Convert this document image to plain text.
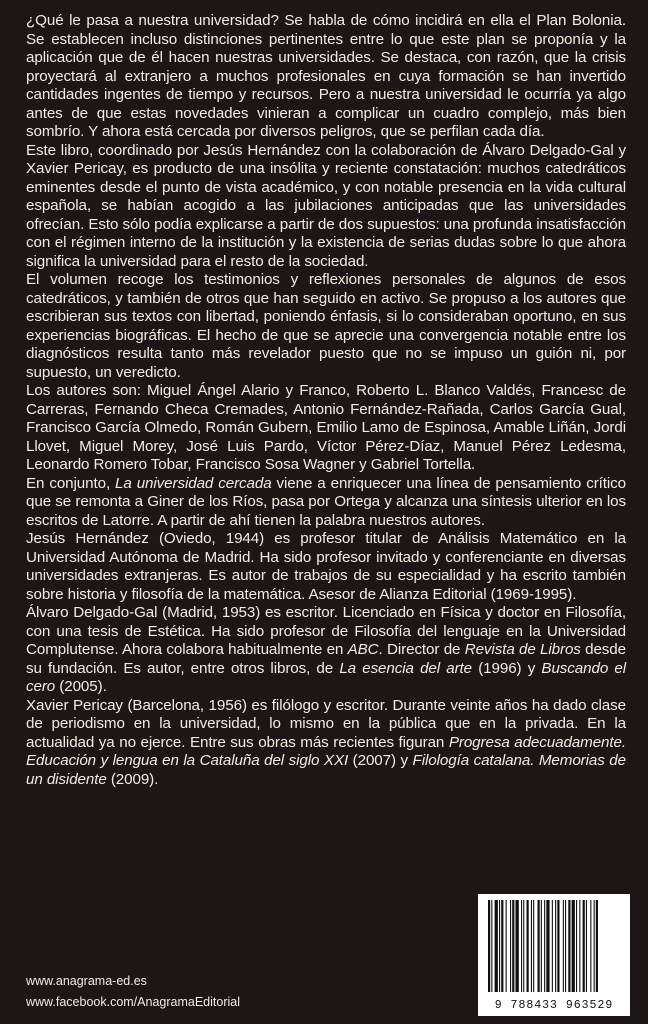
¿Qué le pasa a nuestra universidad? Se habla de cómo incidirá en ella el Plan Bolonia. Se establecen incluso distinciones pertinentes entre lo que este plan se proponía y la aplicación que de él hacen nuestras universidades. Se destaca, con razón, que la crisis proyectará al extranjero a muchos profesionales en cuya formación se han invertido cantidades ingentes de tiempo y recursos. Pero a nuestra universidad le ocurría ya algo antes de que estas novedades vinieran a complicar un cuadro complejo, más bien sombrío. Y ahora está cercada por diversos peligros, que se perfilan cada día.

Este libro, coordinado por Jesús Hernández con la colaboración de Álvaro Delgado-Gal y Xavier Pericay, es producto de una insólita y reciente constatación: muchos catedráticos eminentes desde el punto de vista académico, y con notable presencia en la vida cultural española, se habían acogido a las jubilaciones anticipadas que las universidades ofrecían. Esto sólo podía explicarse a partir de dos supuestos: una profunda insatisfacción con el régimen interno de la institución y la existencia de serias dudas sobre lo que ahora significa la universidad para el resto de la sociedad.

El volumen recoge los testimonios y reflexiones personales de algunos de esos catedráticos, y también de otros que han seguido en activo. Se propuso a los autores que escribieran sus textos con libertad, poniendo énfasis, si lo consideraban oportuno, en sus experiencias biográficas. El hecho de que se aprecie una convergencia notable entre los diagnósticos resulta tanto más revelador puesto que no se impuso un guión ni, por supuesto, un veredicto.

Los autores son: Miguel Ángel Alario y Franco, Roberto L. Blanco Valdés, Francesc de Carreras, Fernando Checa Cremades, Antonio Fernández-Rañada, Carlos García Gual, Francisco García Olmedo, Román Gubern, Emilio Lamo de Espinosa, Amable Liñán, Jordi Llovet, Miguel Morey, José Luis Pardo, Víctor Pérez-Díaz, Manuel Pérez Ledesma, Leonardo Romero Tobar, Francisco Sosa Wagner y Gabriel Tortella.

En conjunto, La universidad cercada viene a enriquecer una línea de pensamiento crítico que se remonta a Giner de los Ríos, pasa por Ortega y alcanza una síntesis ulterior en los escritos de Latorre. A partir de ahí tienen la palabra nuestros autores.

Jesús Hernández (Oviedo, 1944) es profesor titular de Análisis Matemático en la Universidad Autónoma de Madrid. Ha sido profesor invitado y conferenciante en diversas universidades extranjeras. Es autor de trabajos de su especialidad y ha escrito también sobre historia y filosofía de la matemática. Asesor de Alianza Editorial (1969-1995).

Álvaro Delgado-Gal (Madrid, 1953) es escritor. Licenciado en Física y doctor en Filosofía, con una tesis de Estética. Ha sido profesor de Filosofía del lenguaje en la Universidad Complutense. Ahora colabora habitualmente en ABC. Director de Revista de Libros desde su fundación. Es autor, entre otros libros, de La esencia del arte (1996) y Buscando el cero (2005).

Xavier Pericay (Barcelona, 1956) es filólogo y escritor. Durante veinte años ha dado clase de periodismo en la universidad, lo mismo en la pública que en la privada. En la actualidad ya no ejerce. Entre sus obras más recientes figuran Progresa adecuadamente. Educación y lengua en la Cataluña del siglo XXI (2007) y Filología catalana. Memorias de un disidente (2009).

www.anagrama-ed.es
www.facebook.com/AnagramaEditorial	9 788433 963529
